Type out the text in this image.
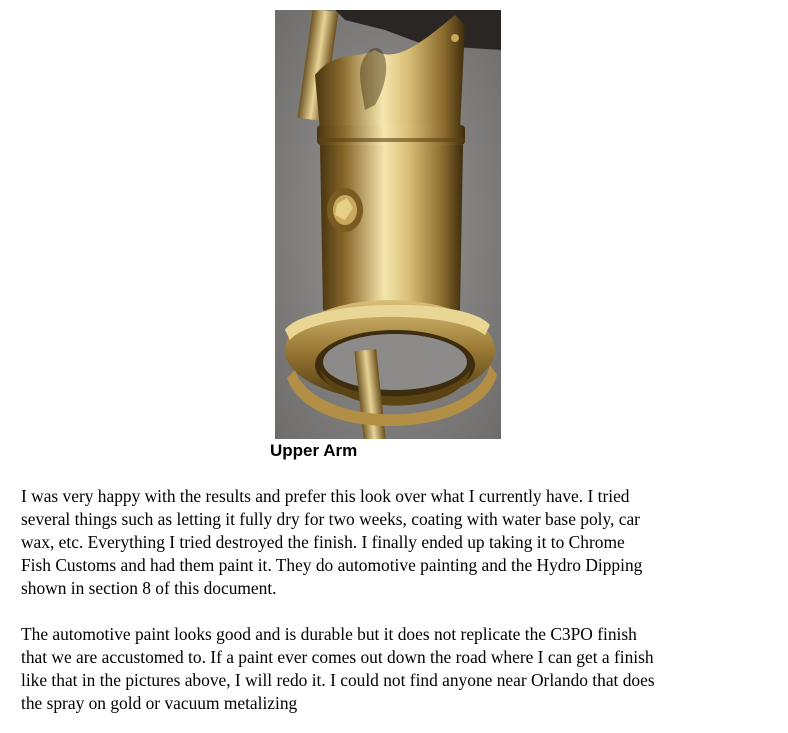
Upper Arm

I was very happy with the results and prefer this look over what I currently have. I tried
several things such as letting it fully dry for two weeks, coating with water base poly, car
wax, etc. Everything I tried destroyed the finish. I finally ended up taking it to Chrome
Fish Customs and had them paint it. They do automotive painting and the Hydro Dipping
shown in section 8 of this document.

The automotive paint looks good and is durable but it does not replicate the C3PO finish
that we are accustomed to. If a paint ever comes out down the road where I can get a finish
like that in the pictures above, I will redo it. I could not find anyone near Orlando that does
the spray on gold or vacuum metalizing
